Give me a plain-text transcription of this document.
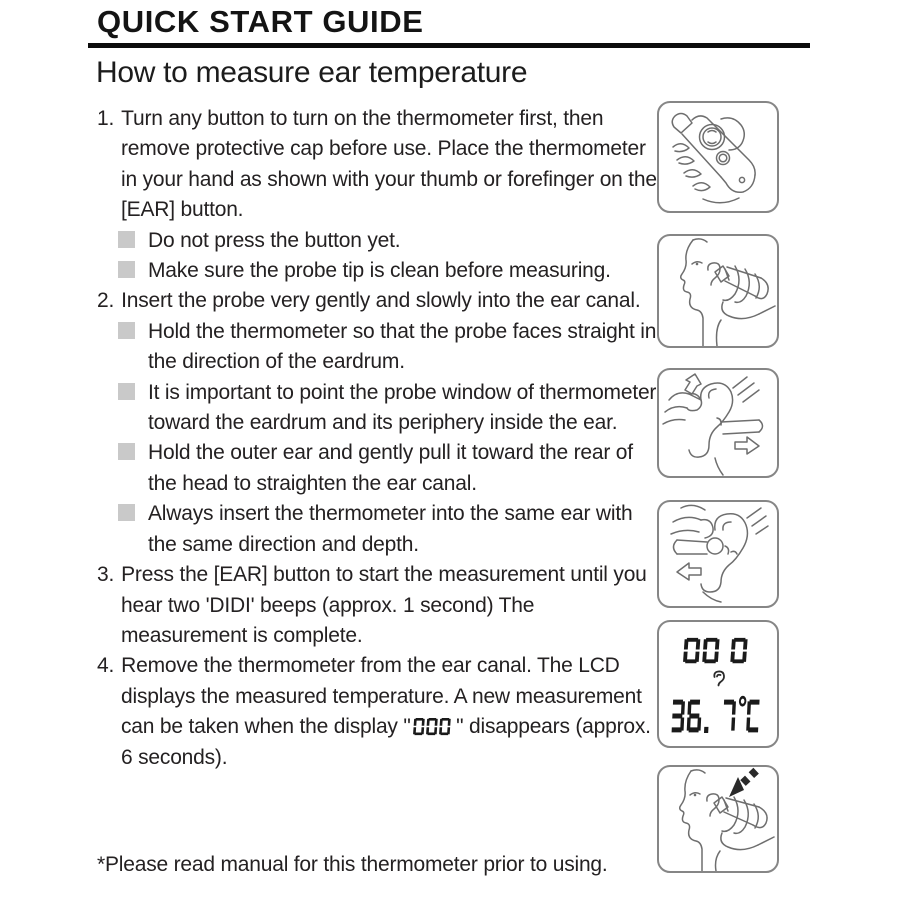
QUICK START GUIDE
How to measure ear temperature

1. Turn any button to turn on the thermometer first, then remove protective cap before use. Place the thermometer in your hand as shown with your thumb or forefinger on the [EAR] button.

Do not press the button yet.

Make sure the probe tip is clean before measuring.

2. Insert the probe very gently and slowly into the ear canal.

Hold the thermometer so that the probe faces straight in the direction of the eardrum.

It is important to point the probe window of thermometer toward the eardrum and its periphery inside the ear.

Hold the outer ear and gently pull it toward the rear of the head to straighten the ear canal.

Always insert the thermometer into the same ear with the same direction and depth.

3. Press the [EAR] button to start the measurement until you hear two 'DIDI' beeps (approx. 1 second) The measurement is complete.

4. Remove the thermometer from the ear canal. The LCD displays the measured temperature. A new measurement can be taken when the display " " disappears (approx. 6 seconds).

*Please read manual for this thermometer prior to using.
